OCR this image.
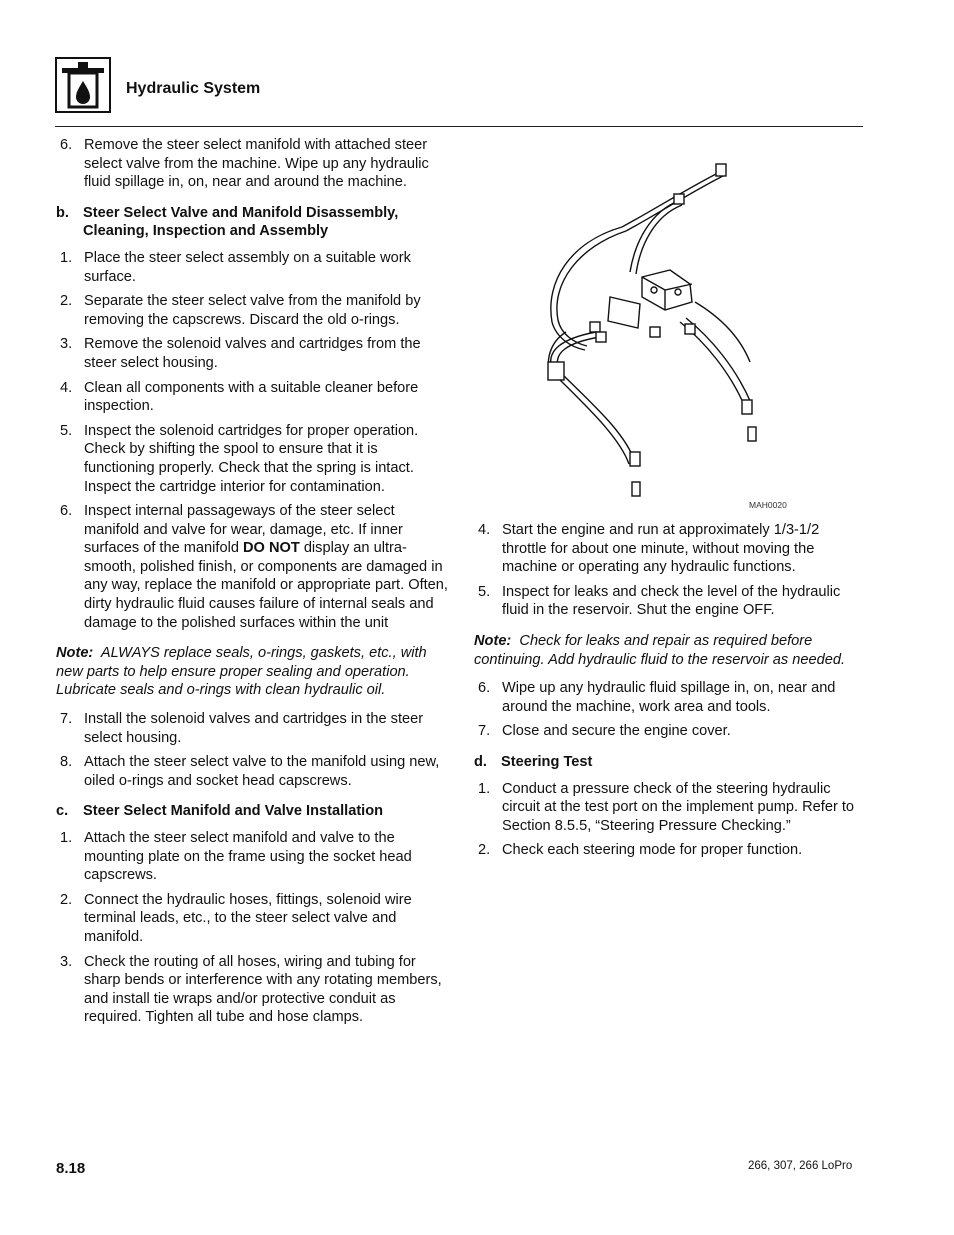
Hydraulic System
6. Remove the steer select manifold with attached steer select valve from the machine. Wipe up any hydraulic fluid spillage in, on, near and around the machine.
b. Steer Select Valve and Manifold Disassembly, Cleaning, Inspection and Assembly
1. Place the steer select assembly on a suitable work surface.
2. Separate the steer select valve from the manifold by removing the capscrews. Discard the old o-rings.
3. Remove the solenoid valves and cartridges from the steer select housing.
4. Clean all components with a suitable cleaner before inspection.
5. Inspect the solenoid cartridges for proper operation. Check by shifting the spool to ensure that it is functioning properly. Check that the spring is intact. Inspect the cartridge interior for contamination.
6. Inspect internal passageways of the steer select manifold and valve for wear, damage, etc. If inner surfaces of the manifold DO NOT display an ultra-smooth, polished finish, or components are damaged in any way, replace the manifold or appropriate part. Often, dirty hydraulic fluid causes failure of internal seals and damage to the polished surfaces within the unit
Note: ALWAYS replace seals, o-rings, gaskets, etc., with new parts to help ensure proper sealing and operation. Lubricate seals and o-rings with clean hydraulic oil.
7. Install the solenoid valves and cartridges in the steer select housing.
8. Attach the steer select valve to the manifold using new, oiled o-rings and socket head capscrews.
c. Steer Select Manifold and Valve Installation
1. Attach the steer select manifold and valve to the mounting plate on the frame using the socket head capscrews.
2. Connect the hydraulic hoses, fittings, solenoid wire terminal leads, etc., to the steer select valve and manifold.
3. Check the routing of all hoses, wiring and tubing for sharp bends or interference with any rotating members, and install tie wraps and/or protective conduit as required. Tighten all tube and hose clamps.
MAH0020
4. Start the engine and run at approximately 1/3-1/2 throttle for about one minute, without moving the machine or operating any hydraulic functions.
5. Inspect for leaks and check the level of the hydraulic fluid in the reservoir. Shut the engine OFF.
Note: Check for leaks and repair as required before continuing. Add hydraulic fluid to the reservoir as needed.
6. Wipe up any hydraulic fluid spillage in, on, near and around the machine, work area and tools.
7. Close and secure the engine cover.
d. Steering Test
1. Conduct a pressure check of the steering hydraulic circuit at the test port on the implement pump. Refer to Section 8.5.5, “Steering Pressure Checking.”
2. Check each steering mode for proper function.
8.18	266, 307, 266 LoPro
